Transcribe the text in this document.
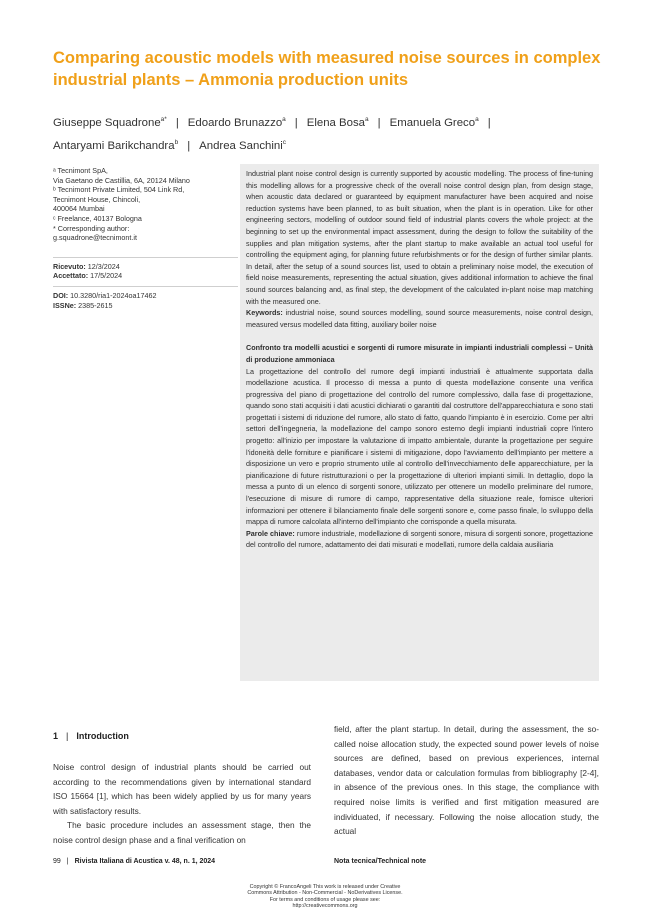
Comparing acoustic models with measured noise sources in complex industrial plants – Ammonia production units
Giuseppe Squadrone$^{a*}$ | Edoardo Brunazzo$^a$ | Elena Bosa$^a$ | Emanuela Greco$^a$ |
Antaryami Barikchandra$^b$ | Andrea Sanchini$^c$

ᵃ Tecnimont SpA,

Via Gaetano de Castillia, 6A, 20124 Milano

ᵇ Tecnimont Private Limited, 504 Link Rd,

Tecnimont House, Chincoli,

400064 Mumbai

ᶜ Freelance, 40137 Bologna

* Corresponding author:

g.squadrone@tecnimont.it

Ricevuto: 12/3/2024

Accettato: 17/5/2024

DOI: 10.3280/ria1-2024oa17462

ISSNe: 2385-2615

Industrial plant noise control design is currently supported by acoustic modelling. The process of fine-tuning this modelling allows for a progressive check of the overall noise control design plan, from design stage, when acoustic data declared or guaranteed by equipment manufacturer have been acquired and noise reduction systems have been planned, to as built situation, when the plant is in operation. Like for other engineering sectors, modelling of outdoor sound field of industrial plants covers the whole project: at the beginning to set up the environmental impact assessment, during the design to follow the suitability of the supplies and plan mitigation systems, after the plant startup to make available an actual tool useful for controlling the equipment aging, for planning future refurbishments or for the design of further similar plants. In detail, after the setup of a sound sources list, used to obtain a preliminary noise model, the execution of field noise measurements, representing the actual situation, gives additional information to achieve the final sound sources balancing and, as final step, the development of the calculated in-plant noise map matching with the measured one.

Keywords: industrial noise, sound sources modelling, sound source measurements, noise control design, measured versus modelled data fitting, auxiliary boiler noise

Confronto tra modelli acustici e sorgenti di rumore misurate in impianti industriali complessi – Unità di produzione ammoniaca

La progettazione del controllo del rumore degli impianti industriali è attualmente supportata dalla modellazione acustica. Il processo di messa a punto di questa modellazione consente una verifica progressiva del piano di progettazione del controllo del rumore complessivo, dalla fase di progettazione, quando sono stati acquisiti i dati acustici dichiarati o garantiti dal costruttore dell'apparecchiatura e sono stati progettati i sistemi di riduzione del rumore, allo stato di fatto, quando l'impianto è in esercizio. Come per altri settori dell'ingegneria, la modellazione del campo sonoro esterno degli impianti industriali copre l'intero progetto: all'inizio per impostare la valutazione di impatto ambientale, durante la progettazione per seguire l'idoneità delle forniture e pianificare i sistemi di mitigazione, dopo l'avviamento dell'impianto per mettere a disposizione un vero e proprio strumento utile al controllo dell'invecchiamento delle apparecchiature, per la pianificazione di future ristrutturazioni o per la progettazione di ulteriori impianti simili. In dettaglio, dopo la messa a punto di un elenco di sorgenti sonore, utilizzato per ottenere un modello preliminare del rumore, l'esecuzione di misure di rumore di campo, rappresentative della situazione reale, fornisce ulteriori informazioni per ottenere il bilanciamento finale delle sorgenti sonore e, come passo finale, lo sviluppo della mappa di rumore calcolata all'interno dell'impianto che corrisponde a quella misurata.

Parole chiave: rumore industriale, modellazione di sorgenti sonore, misura di sorgenti sonore, progettazione del controllo del rumore, adattamento dei dati misurati e modellati, rumore della caldaia ausiliaria

1 | Introduction

Noise control design of industrial plants should be carried out according to the recommendations given by international standard ISO 15664 [1], which has been widely applied by us for many years with satisfactory results.

The basic procedure includes an assessment stage, then the noise control design phase and a final verification on

field, after the plant startup. In detail, during the assessment, the so-called noise allocation study, the expected sound power levels of noise sources are defined, based on previous experiences, internal databases, vendor data or calculation formulas from bibliography [2-4], in absence of the previous ones. In this stage, the compliance with required noise limits is verified and first mitigation measured are individuated, if necessary. Following the noise allocation study, the actual

99 | Rivista Italiana di Acustica v. 48, n. 1, 2024	Nota tecnica/Technical note
Copyright © FrancoAngeli This work is released under Creative
Commons Attribution - Non-Commercial - NoDerivatives License.
For terms and conditions of usage please see:
http://creativecommons.org
